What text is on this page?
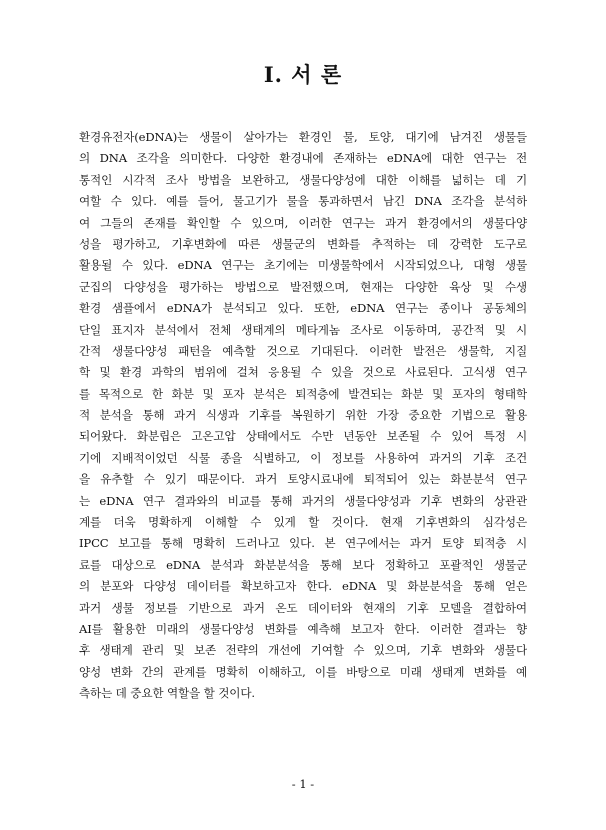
I. 서 론
환경유전자(eDNA)는 생물이 살아가는 환경인 물, 토양, 대기에 남겨진 생물들
의 DNA 조각을 의미한다. 다양한 환경내에 존재하는 eDNA에 대한 연구는 전
통적인 시각적 조사 방법을 보완하고, 생물다양성에 대한 이해를 넓히는 데 기
여할 수 있다. 예를 들어, 물고기가 물을 통과하면서 남긴 DNA 조각을 분석하
여 그들의 존재를 확인할 수 있으며, 이러한 연구는 과거 환경에서의 생물다양
성을 평가하고, 기후변화에 따른 생물군의 변화를 추적하는 데 강력한 도구로
활용될 수 있다. eDNA 연구는 초기에는 미생물학에서 시작되었으나, 대형 생물
군집의 다양성을 평가하는 방법으로 발전했으며, 현재는 다양한 육상 및 수생
환경 샘플에서 eDNA가 분석되고 있다. 또한, eDNA 연구는 종이나 공동체의
단일 표지자 분석에서 전체 생태계의 메타게놈 조사로 이동하며, 공간적 및 시
간적 생물다양성 패턴을 예측할 것으로 기대된다. 이러한 발전은 생물학, 지질
학 및 환경 과학의 범위에 걸쳐 응용될 수 있을 것으로 사료된다. 고식생 연구
를 목적으로 한 화분 및 포자 분석은 퇴적층에 발견되는 화분 및 포자의 형태학
적 분석을 통해 과거 식생과 기후를 복원하기 위한 가장 중요한 기법으로 활용
되어왔다. 화분립은 고온고압 상태에서도 수만 년동안 보존될 수 있어 특정 시
기에 지배적이었던 식물 종을 식별하고, 이 정보를 사용하여 과거의 기후 조건
을 유추할 수 있기 때문이다. 과거 토양시료내에 퇴적되어 있는 화분분석 연구
는 eDNA 연구 결과와의 비교를 통해 과거의 생물다양성과 기후 변화의 상관관
계를 더욱 명확하게 이해할 수 있게 할 것이다. 현재 기후변화의 심각성은
IPCC 보고를 통해 명확히 드러나고 있다. 본 연구에서는 과거 토양 퇴적층 시
료를 대상으로 eDNA 분석과 화분분석을 통해 보다 정확하고 포괄적인 생물군
의 분포와 다양성 데이터를 확보하고자 한다. eDNA 및 화분분석을 통해 얻은
과거 생물 정보를 기반으로 과거 온도 데이터와 현재의 기후 모델을 결합하여
AI를 활용한 미래의 생물다양성 변화를 예측해 보고자 한다. 이러한 결과는 향
후 생태계 관리 및 보존 전략의 개선에 기여할 수 있으며, 기후 변화와 생물다
양성 변화 간의 관계를 명확히 이해하고, 이를 바탕으로 미래 생태계 변화를 예
측하는 데 중요한 역할을 할 것이다.
- 1 -
